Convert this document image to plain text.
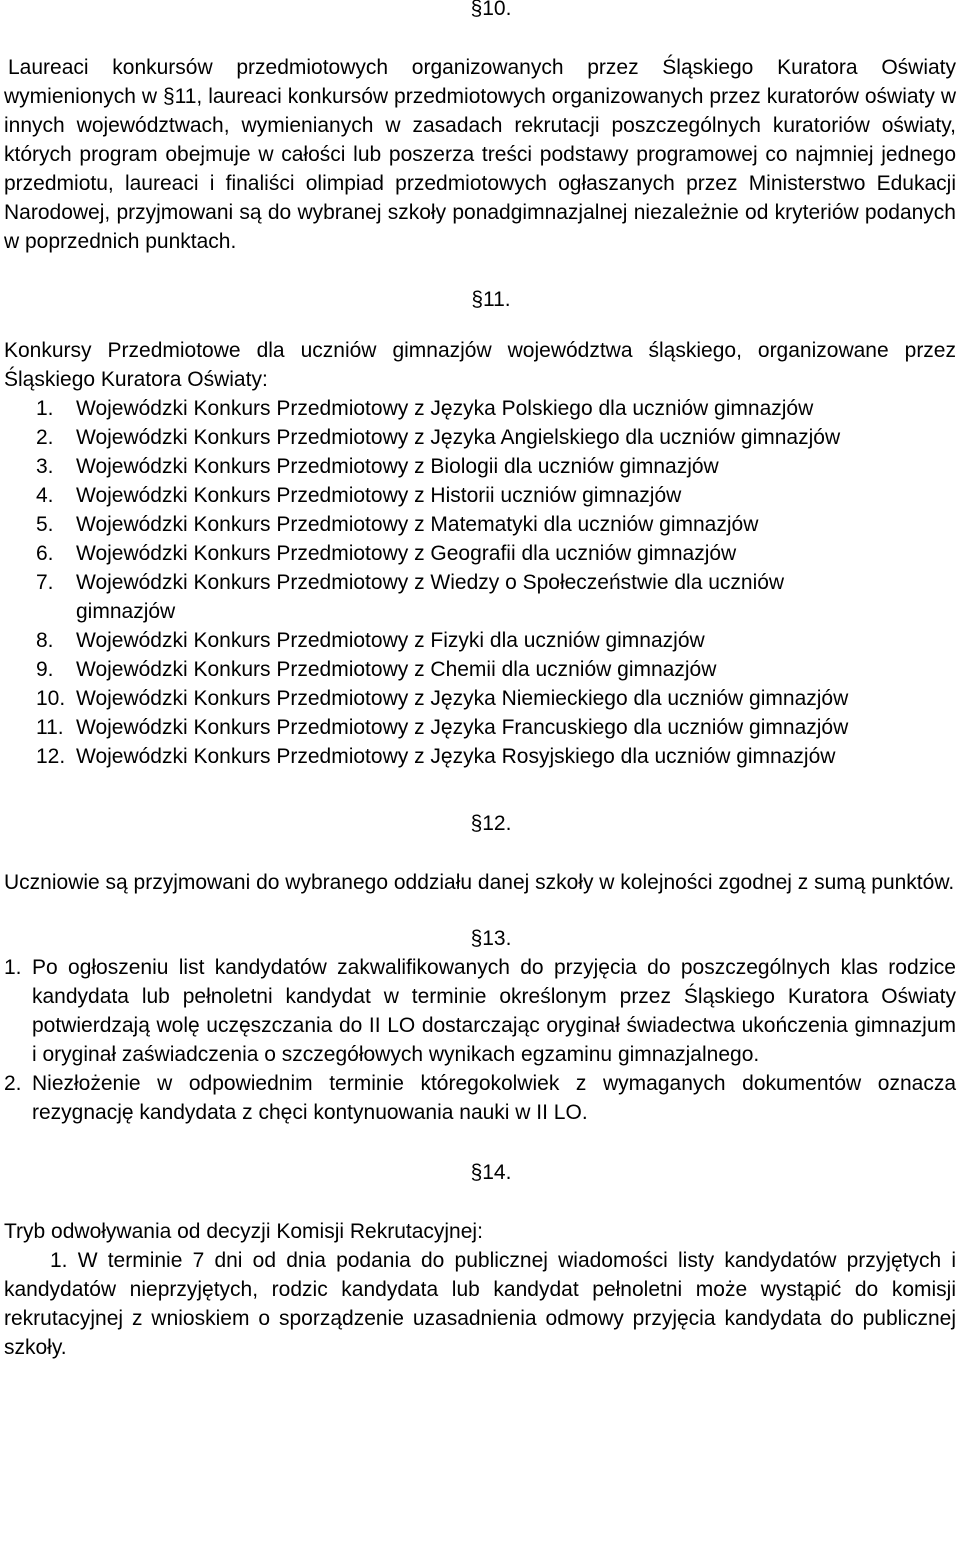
§10.

Laureaci konkursów przedmiotowych organizowanych przez Śląskiego Kuratora Oświaty wymienionych w §11, laureaci konkursów przedmiotowych organizowanych przez kuratorów oświaty w innych województwach, wymienianych w zasadach rekrutacji poszczególnych kuratoriów oświaty, których program obejmuje w całości lub poszerza treści podstawy programowej co najmniej jednego przedmiotu, laureaci i finaliści olimpiad przedmiotowych ogłaszanych przez Ministerstwo Edukacji Narodowej, przyjmowani są do wybranej szkoły ponadgimnazjalnej niezależnie od kryteriów podanych w poprzednich punktach.

§11.

Konkursy Przedmiotowe dla uczniów gimnazjów województwa śląskiego, organizowane przez Śląskiego Kuratora Oświaty:

1. Wojewódzki Konkurs Przedmiotowy z Języka Polskiego dla uczniów gimnazjów
2. Wojewódzki Konkurs Przedmiotowy z Języka Angielskiego dla uczniów gimnazjów
3. Wojewódzki Konkurs Przedmiotowy z Biologii dla uczniów gimnazjów
4. Wojewódzki Konkurs Przedmiotowy z Historii uczniów gimnazjów
5. Wojewódzki Konkurs Przedmiotowy z Matematyki dla uczniów gimnazjów
6. Wojewódzki Konkurs Przedmiotowy z Geografii dla uczniów gimnazjów
7. Wojewódzki Konkurs Przedmiotowy z Wiedzy o Społeczeństwie dla uczniów gimnazjów
8. Wojewódzki Konkurs Przedmiotowy z Fizyki dla uczniów gimnazjów
9. Wojewódzki Konkurs Przedmiotowy z Chemii dla uczniów gimnazjów
10. Wojewódzki Konkurs Przedmiotowy z Języka Niemieckiego dla uczniów gimnazjów
11. Wojewódzki Konkurs Przedmiotowy z Języka Francuskiego dla uczniów gimnazjów
12. Wojewódzki Konkurs Przedmiotowy z Języka Rosyjskiego dla uczniów gimnazjów

§12.

Uczniowie są przyjmowani do wybranego oddziału danej szkoły w kolejności zgodnej z sumą punktów.

§13.

1. Po ogłoszeniu list kandydatów zakwalifikowanych do przyjęcia do poszczególnych klas rodzice kandydata lub pełnoletni kandydat w terminie określonym przez Śląskiego Kuratora Oświaty potwierdzają wolę uczęszczania do II LO dostarczając oryginał świadectwa ukończenia gimnazjum i oryginał zaświadczenia o szczegółowych wynikach egzaminu gimnazjalnego.

2. Niezłożenie w odpowiednim terminie któregokolwiek z wymaganych dokumentów oznacza rezygnację kandydata z chęci kontynuowania nauki w II LO.

§14.

Tryb odwoływania od decyzji Komisji Rekrutacyjnej:

1. W terminie 7 dni od dnia podania do publicznej wiadomości listy kandydatów przyjętych i kandydatów nieprzyjętych, rodzic kandydata lub kandydat pełnoletni może wystąpić do komisji rekrutacyjnej z wnioskiem o sporządzenie uzasadnienia odmowy przyjęcia kandydata do publicznej szkoły.
